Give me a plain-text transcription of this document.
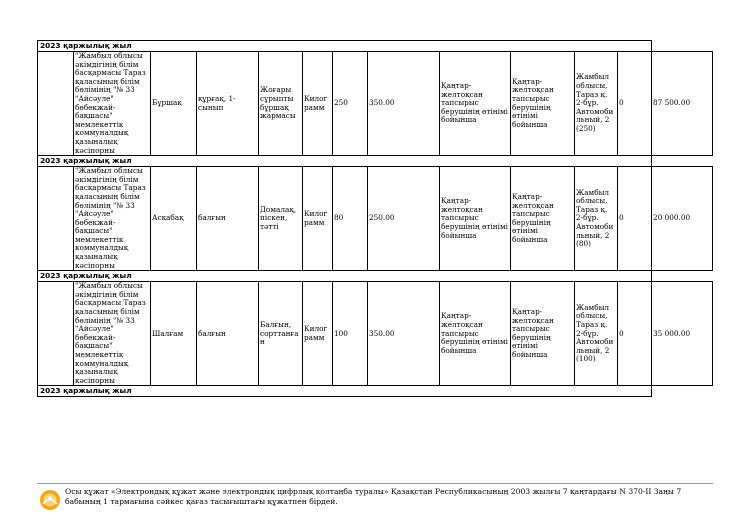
2023 қаржылық жыл												
	"Жамбыл облысы әкімдігінің білім басқармасы Тараз қаласының білім бөлімінің "№ 33 "Айсәуле" бөбекжай-бақшасы" мемлекеттік коммуналдық қазыналық кәсіпорны	Бұршақ	құрғақ, 1-сынып	Жоғары сұрыпты бұршақ жармасы	Килограмм	250	350.00	Қаңтар-желтоқсан тапсырыс берушінің өтінімі бойынша	Қаңтар-желтоқсан тапсырыс берушінің өтінімі бойынша	Жамбыл облысы, Тараз қ. 2-бұр. Автомобильный, 2 (250)	0	87 500.00
2023 қаржылық жыл												
	"Жамбыл облысы әкімдігінің білім басқармасы Тараз қаласының білім бөлімінің "№ 33 "Айсәуле" бөбекжай-бақшасы" мемлекеттік коммуналдық қазыналық кәсіпорны	Асқабақ	балғын	Домалақ, піскен, тәтті	Килограмм	80	250.00	Қаңтар-желтоқсан тапсырыс берушінің өтінімі бойынша	Қаңтар-желтоқсан тапсырыс берушінің өтінімі бойынша	Жамбыл облысы, Тараз қ. 2-бұр. Автомобильный, 2 (80)	0	20 000.00
2023 қаржылық жыл												
	"Жамбыл облысы әкімдігінің білім басқармасы Тараз қаласының білім бөлімінің "№ 33 "Айсәуле" бөбекжай-бақшасы" мемлекеттік коммуналдық қазыналық кәсіпорны	Шалғам	балғын	Балғын, сорттанған	Килограмм	100	350.00	Қаңтар-желтоқсан тапсырыс берушінің өтінімі бойынша	Қаңтар-желтоқсан тапсырыс берушінің өтінімі бойынша	Жамбыл облысы, Тараз қ. 2-бұр. Автомобильный, 2 (100)	0	35 000.00
2023 қаржылық жыл												
Осы құжат «Электрондық құжат және электрондық цифрлық қолтаңба туралы» Қазақстан Республикасының 2003 жылғы 7 қаңтардағы N 370-II Заңы 7 бабының 1 тармағына сәйкес қағаз тасығыштағы құжатпен бірдей.
